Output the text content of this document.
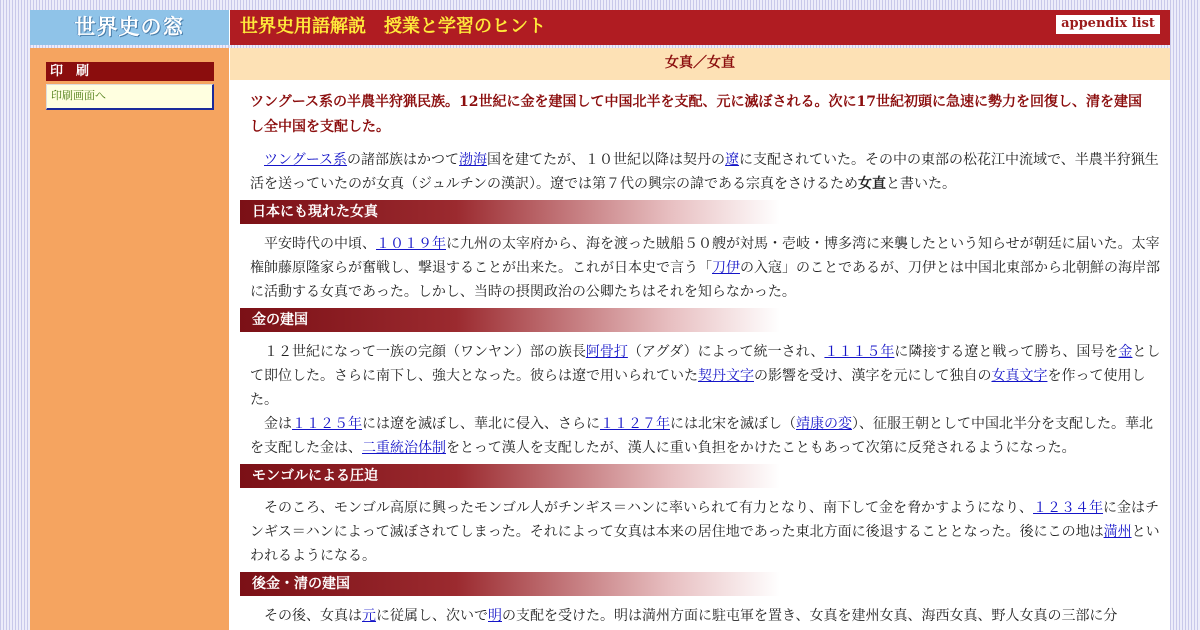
世界史の窓	世界史用語解説　授業と学習のヒント	appendix list
印　刷
印刷画面へ
女真／女直
ツングース系の半農半狩猟民族。12世紀に金を建国して中国北半を支配、元に滅ぼされる。次に17世紀初頭に急速に勢力を回復し、清を建国し全中国を支配した。

ツングース系の諸部族はかつて渤海国を建てたが、１０世紀以降は契丹の遼に支配されていた。その中の東部の松花江中流域で、半農半狩猟生活を送っていたのが女真（ジュルチンの漢訳）。遼では第７代の興宗の諱である宗真をさけるため女直と書いた。

日本にも現れた女真

平安時代の中頃、１０１９年に九州の太宰府から、海を渡った賊船５０艘が対馬・壱岐・博多湾に来襲したという知らせが朝廷に届いた。太宰権帥藤原隆家らが奮戦し、撃退することが出来た。これが日本史で言う「刀伊の入寇」のことであるが、刀伊とは中国北東部から北朝鮮の海岸部に活動する女真であった。しかし、当時の摂関政治の公卿たちはそれを知らなかった。

金の建国

１２世紀になって一族の完顔（ワンヤン）部の族長阿骨打（アグダ）によって統一され、１１１５年に隣接する遼と戦って勝ち、国号を金として即位した。さらに南下し、強大となった。彼らは遼で用いられていた契丹文字の影響を受け、漢字を元にして独自の女真文字を作って使用した。

金は１１２５年には遼を滅ぼし、華北に侵入、さらに１１２７年には北宋を滅ぼし（靖康の変）、征服王朝として中国北半分を支配した。華北を支配した金は、二重統治体制をとって漢人を支配したが、漢人に重い負担をかけたこともあって次第に反発されるようになった。

モンゴルによる圧迫

そのころ、モンゴル高原に興ったモンゴル人がチンギス＝ハンに率いられて有力となり、南下して金を脅かすようになり、１２３４年に金はチンギス＝ハンによって滅ぼされてしまった。それによって女真は本来の居住地であった東北方面に後退することとなった。後にこの地は満州といわれるようになる。

後金・清の建国

その後、女真は元に従属し、次いで明の支配を受けた。明は満州方面に駐屯軍を置き、女真を建州女真、海西女真、野人女真の三部に分
